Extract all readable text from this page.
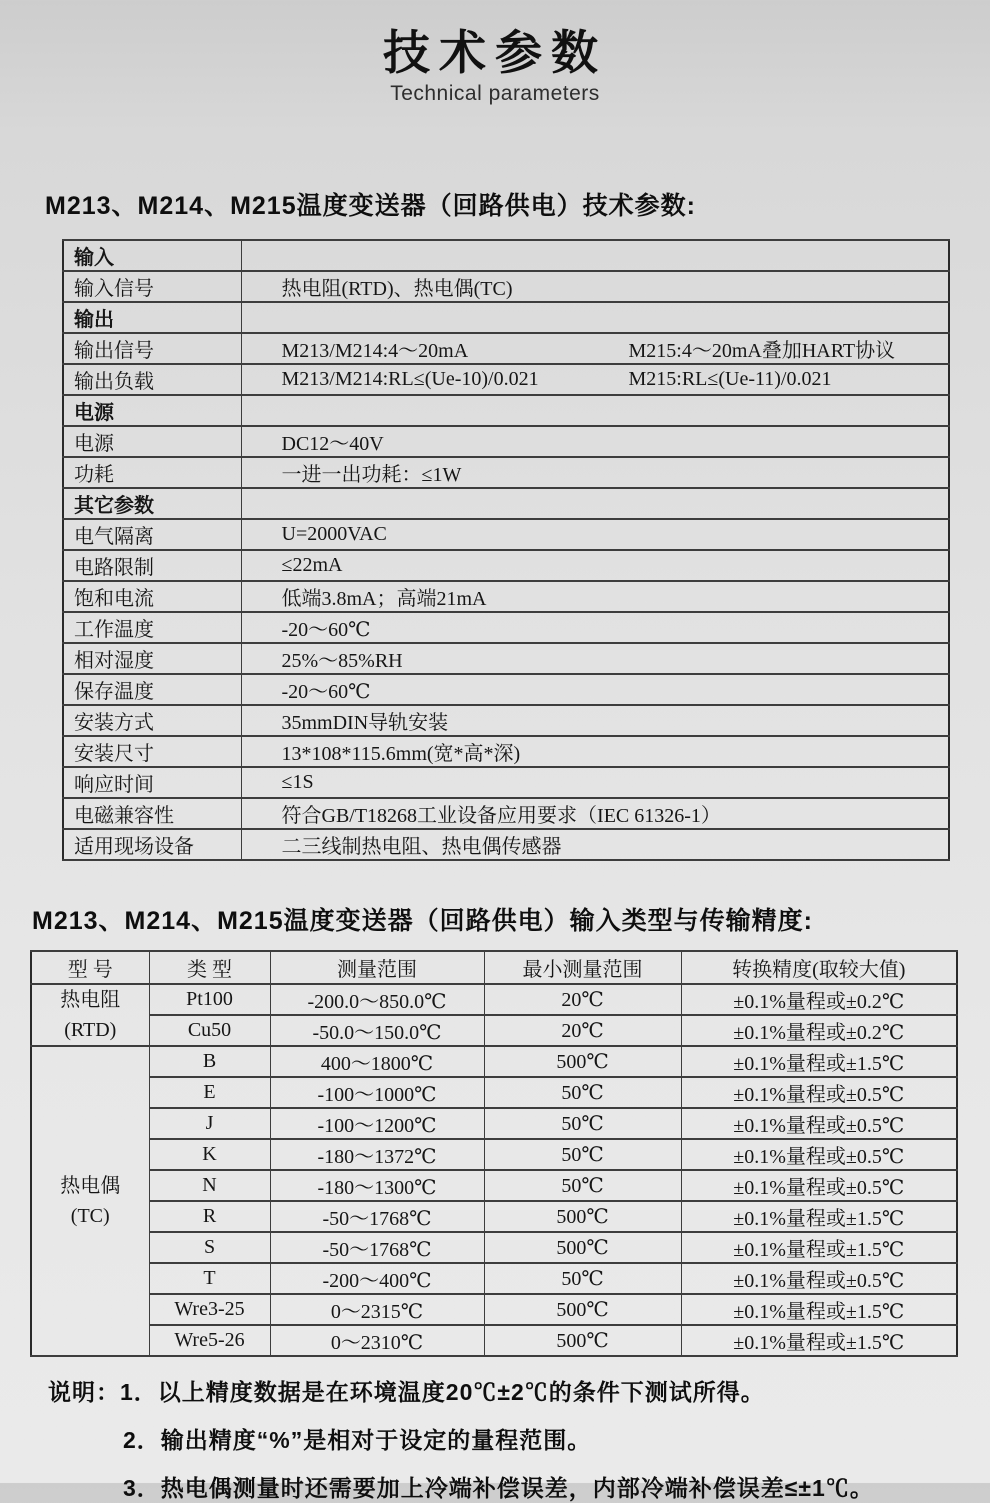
技术参数
Technical parameters
M213、M214、M215温度变送器（回路供电）技术参数:
输入	
输入信号	热电阻(RTD)、热电偶(TC)
输出	
输出信号	M213/M214:4～20mA M215:4～20mA叠加HART协议

输出负载	M213/M214:RL≤(Ue-10)/0.021 M215:RL≤(Ue-11)/0.021

电源	
电源	DC12～40V
功耗	一进一出功耗：≤1W
其它参数	
电气隔离	U=2000VAC
电路限制	≤22mA
饱和电流	低端3.8mA；高端21mA
工作温度	-20～60℃
相对湿度	25%～85%RH
保存温度	-20～60℃
安装方式	35mmDIN导轨安装
安装尺寸	13*108*115.6mm(宽*高*深)
响应时间	≤1S
电磁兼容性	符合GB/T18268工业设备应用要求（IEC 61326-1）
适用现场设备	二三线制热电阻、热电偶传感器
M213、M214、M215温度变送器（回路供电）输入类型与传输精度:
型 号	类 型	测量范围	最小测量范围	转换精度(取较大值)

热电阻
(RTD)	Pt100	-200.0～850.0℃	20℃	±0.1%量程或±0.2℃
	Cu50	-50.0～150.0℃	20℃	±0.1%量程或±0.2℃

热电偶
(TC)	B	400～1800℃	500℃	±0.1%量程或±1.5℃
	E	-100～1000℃	50℃	±0.1%量程或±0.5℃
	J	-100～1200℃	50℃	±0.1%量程或±0.5℃
	K	-180～1372℃	50℃	±0.1%量程或±0.5℃
	N	-180～1300℃	50℃	±0.1%量程或±0.5℃
	R	-50～1768℃	500℃	±0.1%量程或±1.5℃
	S	-50～1768℃	500℃	±0.1%量程或±1.5℃
	T	-200～400℃	50℃	±0.1%量程或±0.5℃
	Wre3-25	0～2315℃	500℃	±0.1%量程或±1.5℃
	Wre5-26	0～2310℃	500℃	±0.1%量程或±1.5℃
说明：1．以上精度数据是在环境温度20℃±2℃的条件下测试所得。
2．输出精度“%”是相对于设定的量程范围。
3．热电偶测量时还需要加上冷端补偿误差，内部冷端补偿误差≤±1℃。
